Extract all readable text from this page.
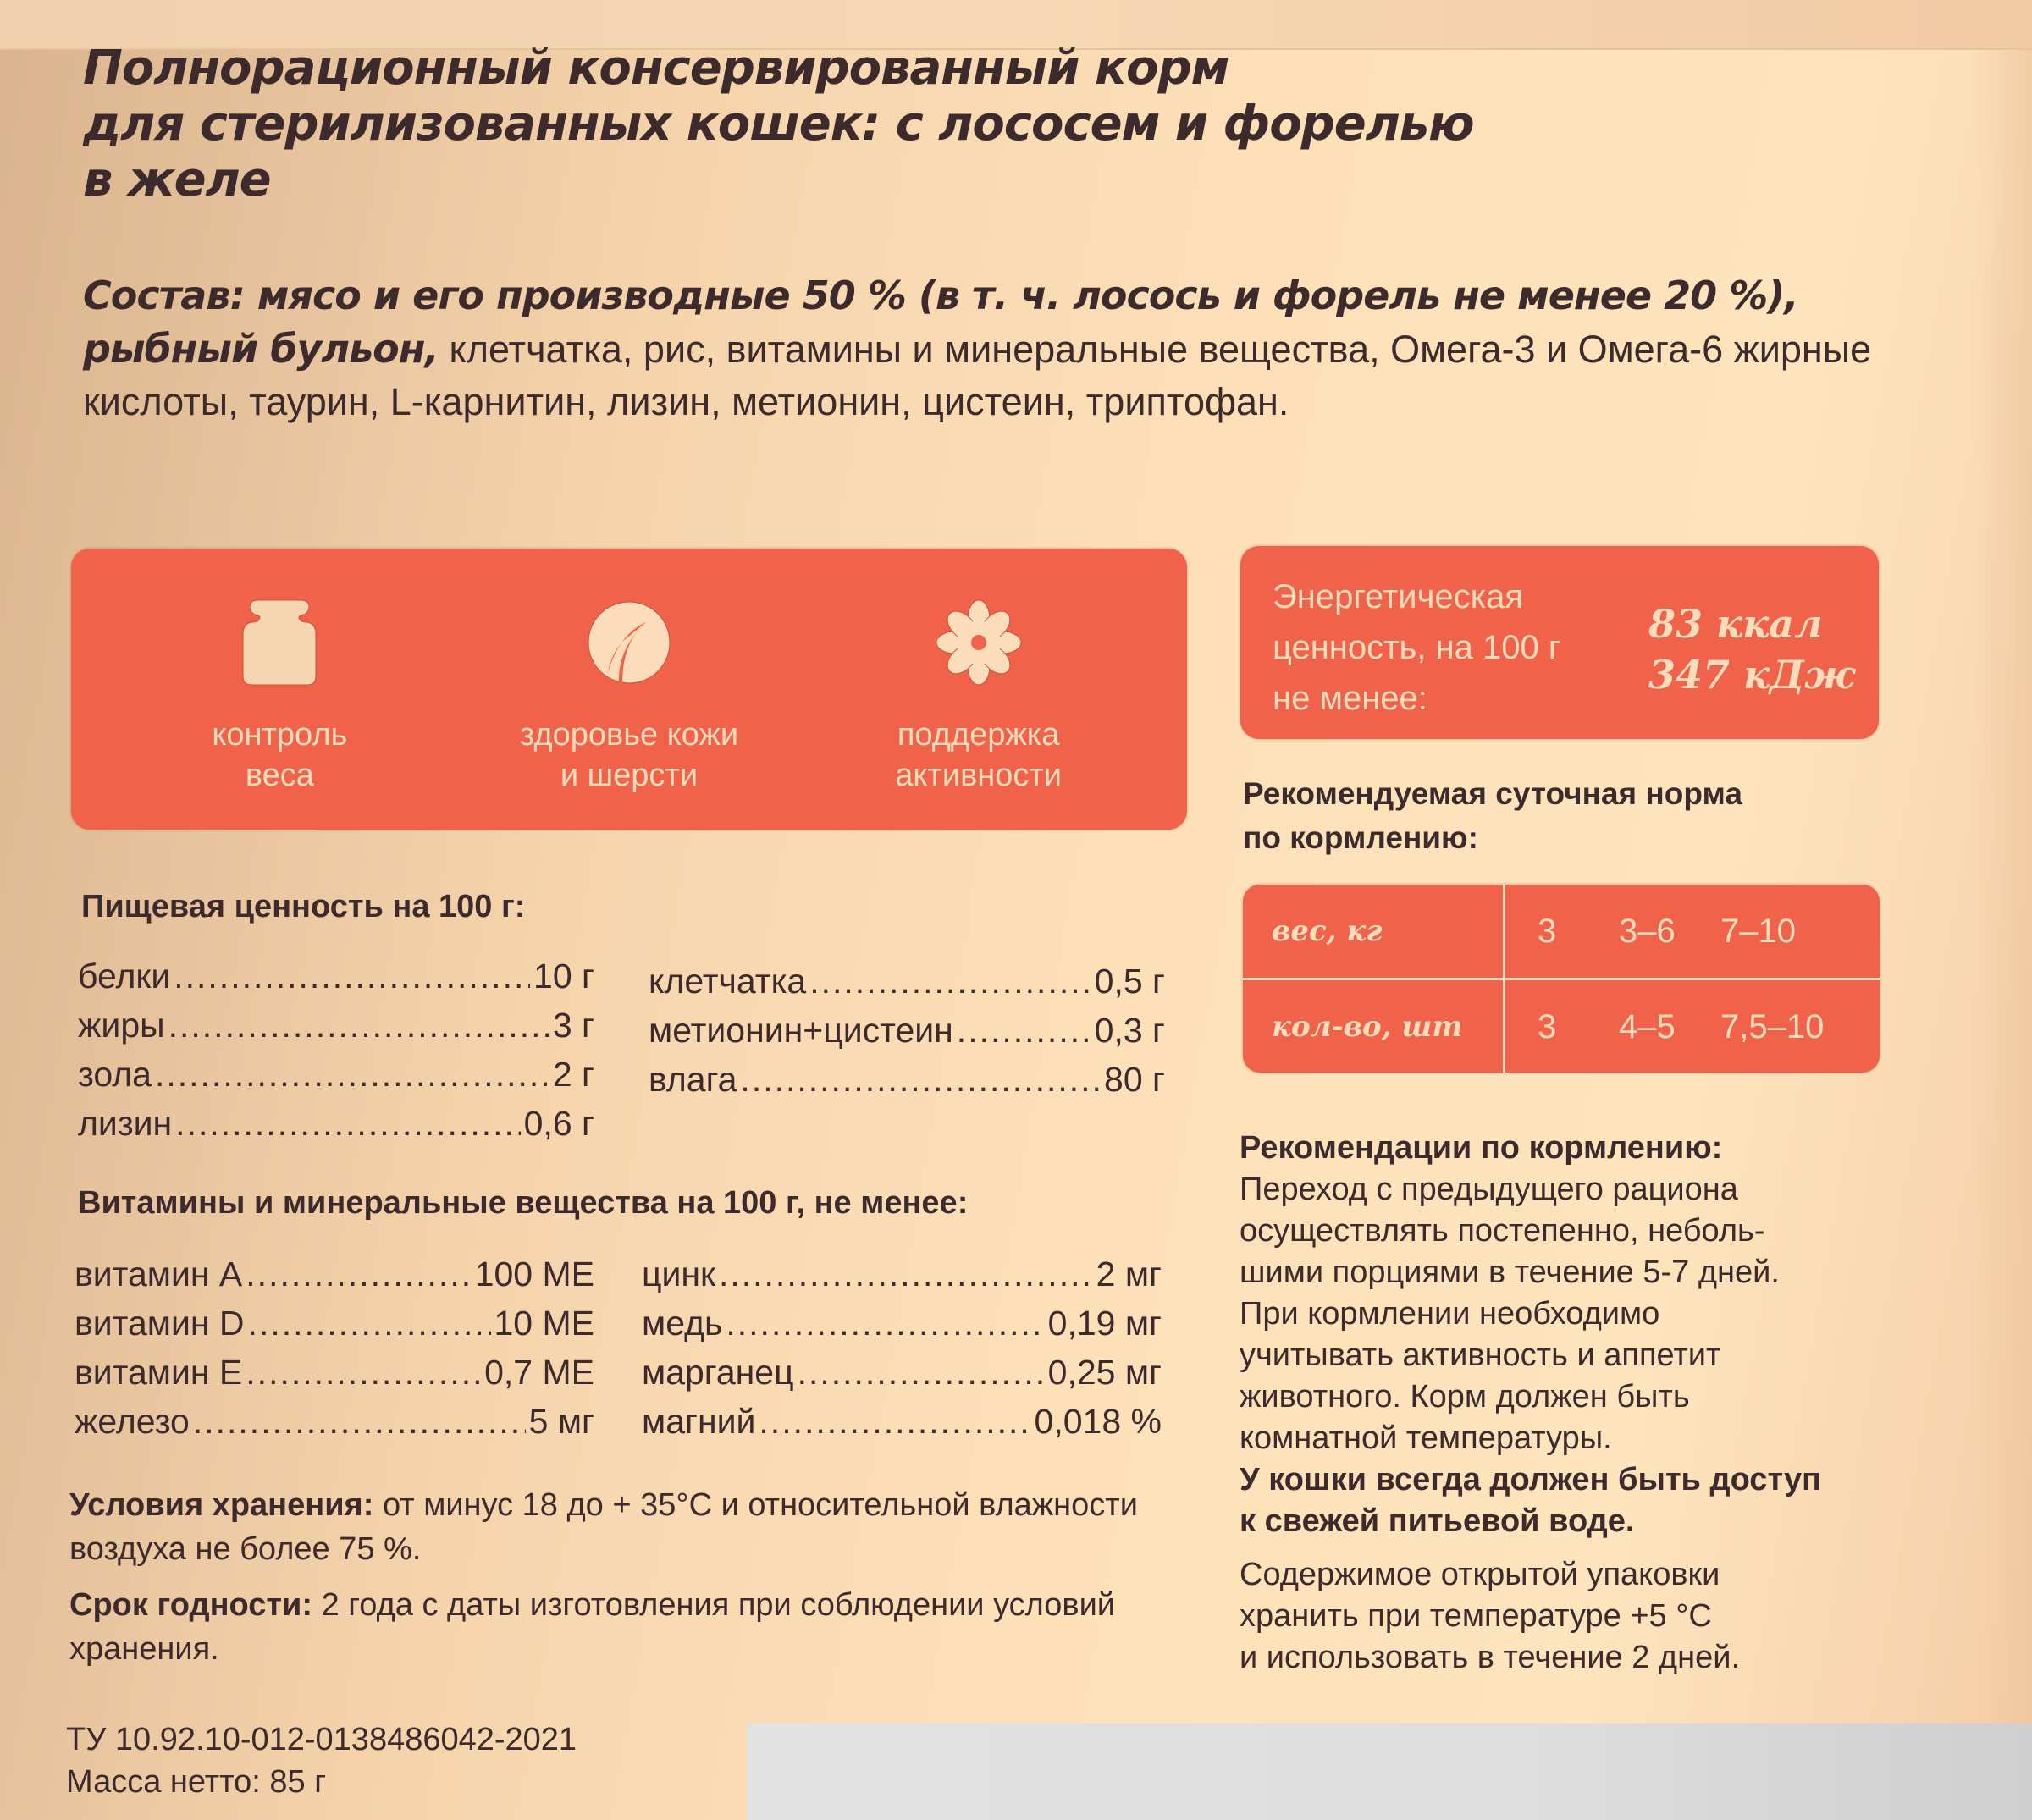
Полнорационный консервированный корм
для стерилизованных кошек: с лососем и форелью
в желе
Состав: мясо и его производные 50 % (в т. ч. лосось и форель не менее 20 %), рыбный бульон, клетчатка, рис, витамины и минеральные вещества, Омега-3 и Омега-6 жирные кислоты, таурин, L-карнитин, лизин, метионин, цистеин, триптофан.
контроль
веса
здоровье кожи
и шерсти
поддержка
активности
Энергетическая
ценность, на 100 г
не менее:
83 ккал
347 кДж
Рекомендуемая суточная норма
по кормлению:
вес, кг	3 3–6 7–10
кол-во, шт	3 4–5 7,5–10
Пищевая ценность на 100 г:
белки .....	10 г
жиры .....	3 г
зола .....	2 г
лизин .....	0,6 г
клетчатка .....	0,5 г
метионин+цистеин .....	0,3 г
влага .....	80 г
Витамины и минеральные вещества на 100 г, не менее:
витамин A .....	100 МЕ
витамин D .....	10 МЕ
витамин E .....	0,7 МЕ
железо .....	5 мг
цинк .....	2 мг
медь .....	0,19 мг
марганец .....	0,25 мг
магний .....	0,018 %
Условия хранения: от минус 18 до + 35°C и относительной влажности воздуха не более 75 %.
Срок годности: 2 года с даты изготовления при соблюдении условий хранения.
Рекомендации по кормлению:
Переход с предыдущего рациона
осуществлять постепенно, неболь-
шими порциями в течение 5-7 дней.
При кормлении необходимо
учитывать активность и аппетит
животного. Корм должен быть
комнатной температуры.
У кошки всегда должен быть доступ
к свежей питьевой воде.
Содержимое открытой упаковки
хранить при температуре +5 °C
и использовать в течение 2 дней.
ТУ 10.92.10-012-0138486042-2021
Масса нетто: 85 г
